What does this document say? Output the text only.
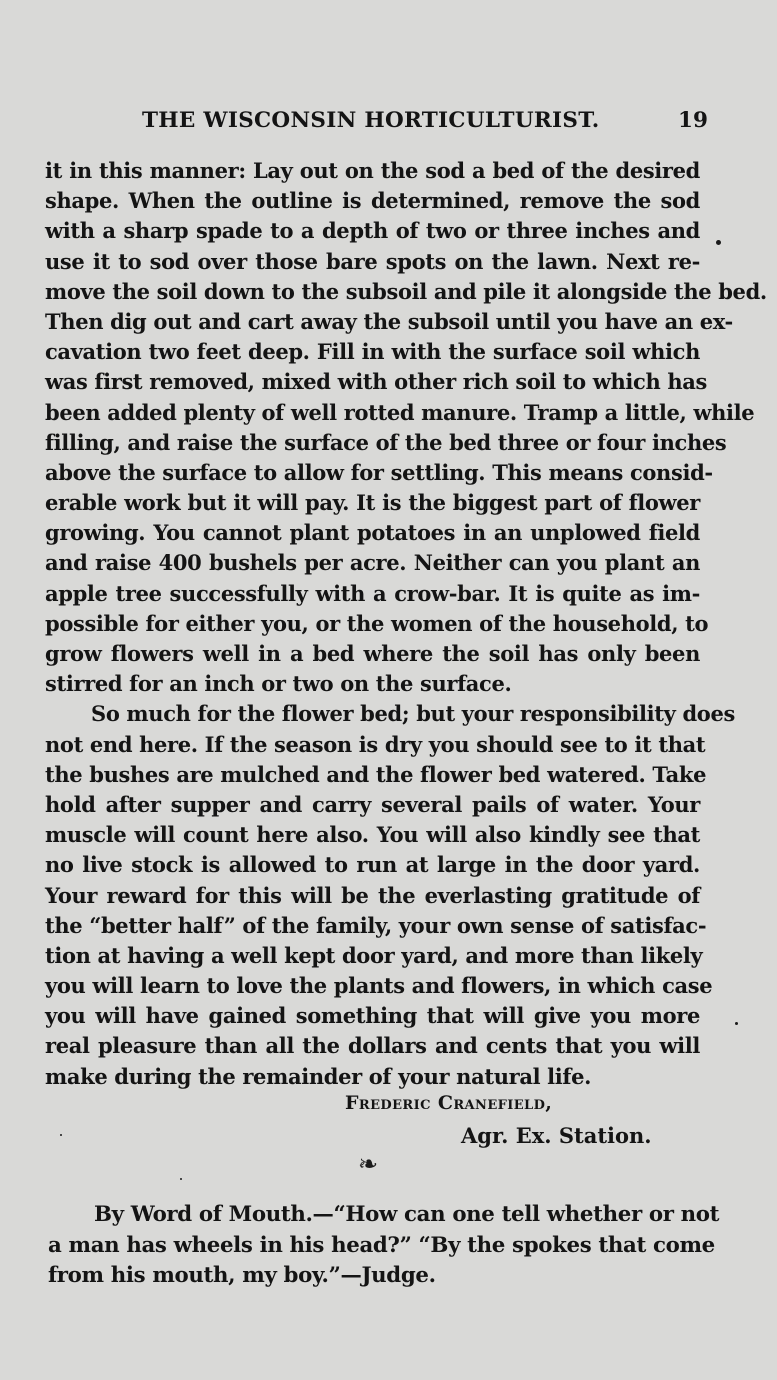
THE WISCONSIN HORTICULTURIST.	19
it in this manner: Lay out on the sod a bed of the desired
shape. When the outline is determined, remove the sod
with a sharp spade to a depth of two or three inches and
use it to sod over those bare spots on the lawn. Next re-
move the soil down to the subsoil and pile it alongside the bed.
Then dig out and cart away the subsoil until you have an ex-
cavation two feet deep. Fill in with the surface soil which
was first removed, mixed with other rich soil to which has
been added plenty of well rotted manure. Tramp a little, while
filling, and raise the surface of the bed three or four inches
above the surface to allow for settling. This means consid-
erable work but it will pay. It is the biggest part of flower
growing. You cannot plant potatoes in an unplowed field
and raise 400 bushels per acre. Neither can you plant an
apple tree successfully with a crow-bar. It is quite as im-
possible for either you, or the women of the household, to
grow flowers well in a bed where the soil has only been
stirred for an inch or two on the surface.
So much for the flower bed; but your responsibility does
not end here. If the season is dry you should see to it that
the bushes are mulched and the flower bed watered. Take
hold after supper and carry several pails of water. Your
muscle will count here also. You will also kindly see that
no live stock is allowed to run at large in the door yard.
Your reward for this will be the everlasting gratitude of
the “better half” of the family, your own sense of satisfac-
tion at having a well kept door yard, and more than likely
you will learn to love the plants and flowers, in which case
you will have gained something that will give you more
real pleasure than all the dollars and cents that you will
make during the remainder of your natural life.
Frederic Cranefield,
Agr. Ex. Station.
❧
By Word of Mouth.—“How can one tell whether or not
a man has wheels in his head?” “By the spokes that come
from his mouth, my boy.”—Judge.
